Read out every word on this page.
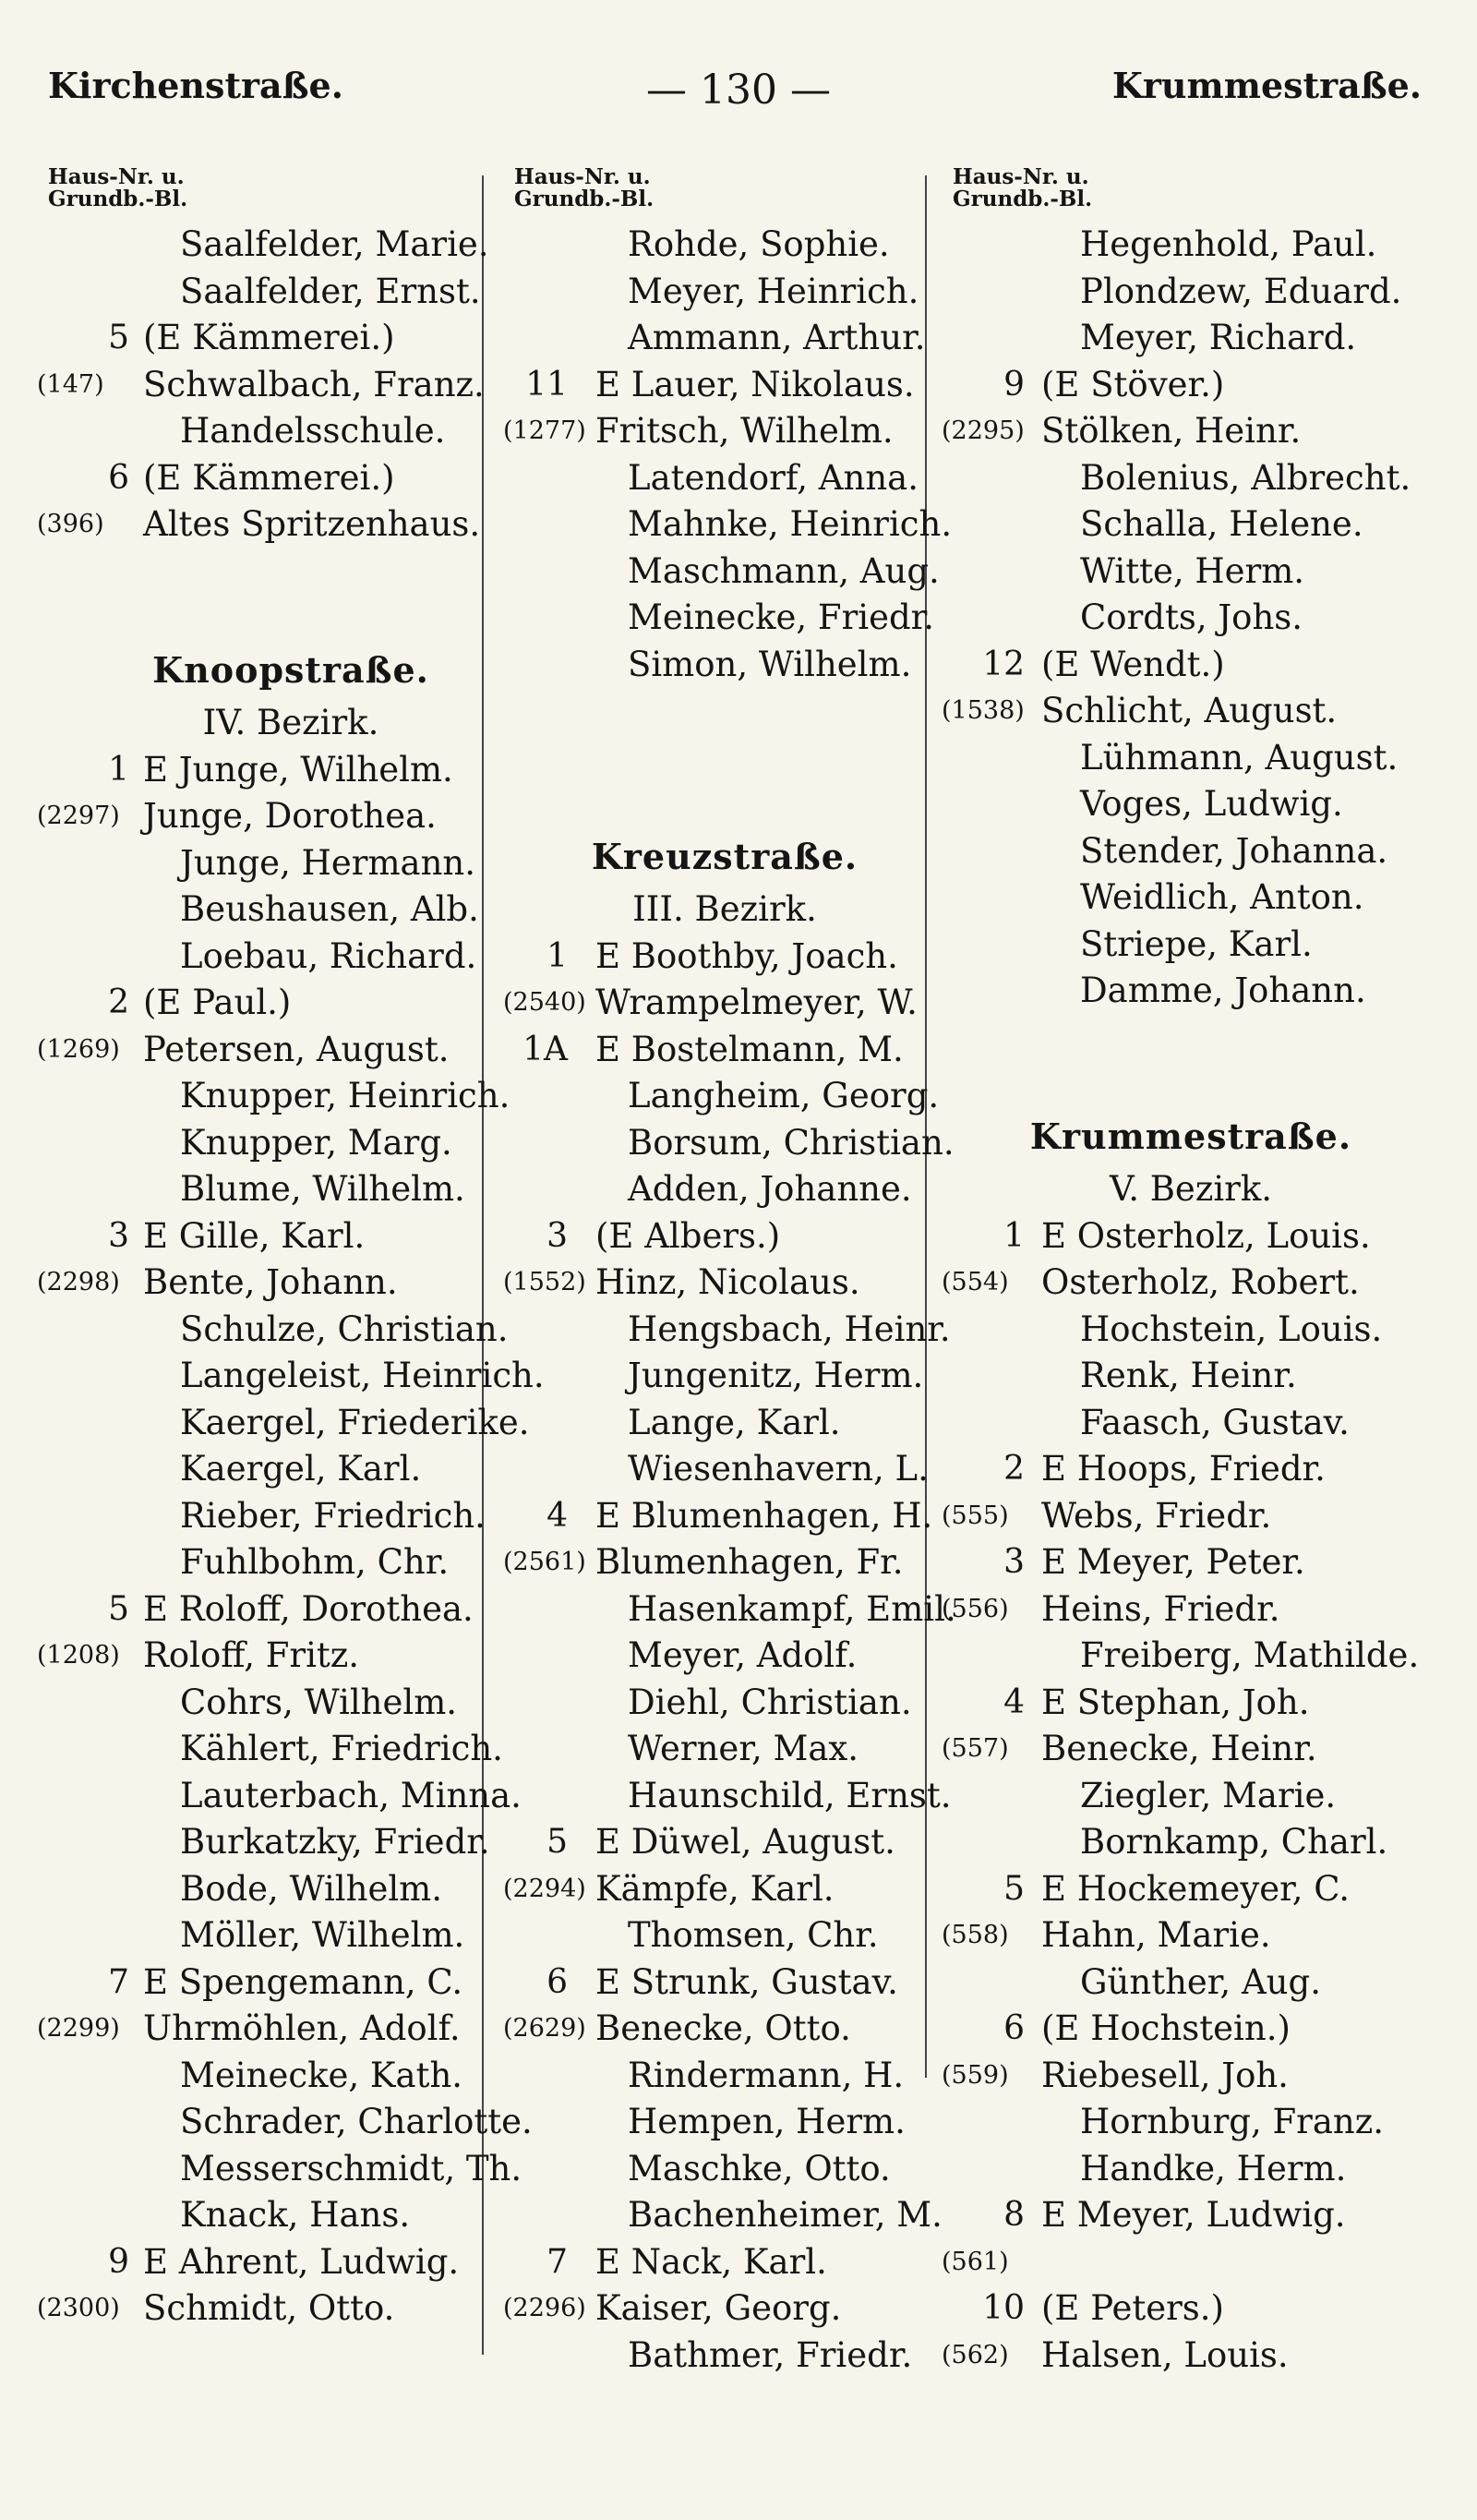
Kirchenstraße.	— 130 —	Krummestraße.
Haus-Nr. u.
Grundb.-Bl.
Saalfelder, Marie.
Saalfelder, Ernst.
5 (E Kämmerei.)
(147)	Schwalbach, Franz.
Handelsschule.
6 (E Kämmerei.)
(396)	Altes Spritzenhaus.
Knoopstraße.
IV. Bezirk.
1 E Junge, Wilhelm.
(2297) Junge, Dorothea.
Junge, Hermann.
Beushausen, Alb.
Loebau, Richard.
2 (E Paul.)
(1269) Petersen, August.
Knupper, Heinrich.
Knupper, Marg.
Blume, Wilhelm.
3 E Gille, Karl.
(2298) Bente, Johann.
Schulze, Christian.
Langeleist, Heinrich.
Kaergel, Friederike.
Kaergel, Karl.
Rieber, Friedrich.
Fuhlbohm, Chr.
5 E Roloff, Dorothea.
(1208) Roloff, Fritz.
Cohrs, Wilhelm.
Kählert, Friedrich.
Lauterbach, Minna.
Burkatzky, Friedr.
Bode, Wilhelm.
Möller, Wilhelm.
7 E Spengemann, C.
(2299) Uhrmöhlen, Adolf.
Meinecke, Kath.
Schrader, Charlotte.
Messerschmidt, Th.
Knack, Hans.
9 E Ahrent, Ludwig.
(2300) Schmidt, Otto.
Haus-Nr. u.
Grundb.-Bl.
Rohde, Sophie.
Meyer, Heinrich.
Ammann, Arthur.
11 E Lauer, Nikolaus.
(1277) Fritsch, Wilhelm.
Latendorf, Anna.
Mahnke, Heinrich.
Maschmann, Aug.
Meinecke, Friedr.
Simon, Wilhelm.
Kreuzstraße.
III. Bezirk.
1 E Boothby, Joach.
(2540) Wrampelmeyer, W.
1A E Bostelmann, M.
Langheim, Georg.
Borsum, Christian.
Adden, Johanne.
3 (E Albers.)
(1552) Hinz, Nicolaus.
Hengsbach, Heinr.
Jungenitz, Herm.
Lange, Karl.
Wiesenhavern, L.
4 E Blumenhagen, H.
(2561) Blumenhagen, Fr.
Hasenkampf, Emil.
Meyer, Adolf.
Diehl, Christian.
Werner, Max.
Haunschild, Ernst.
5 E Düwel, August.
(2294) Kämpfe, Karl.
Thomsen, Chr.
6 E Strunk, Gustav.
(2629) Benecke, Otto.
Rindermann, H.
Hempen, Herm.
Maschke, Otto.
Bachenheimer, M.
7 E Nack, Karl.
(2296) Kaiser, Georg.
Bathmer, Friedr.
Haus-Nr. u.
Grundb.-Bl.
Hegenhold, Paul.
Plondzew, Eduard.
Meyer, Richard.
9 (E Stöver.)
(2295) Stölken, Heinr.
Bolenius, Albrecht.
Schalla, Helene.
Witte, Herm.
Cordts, Johs.
12 (E Wendt.)
(1538) Schlicht, August.
Lühmann, August.
Voges, Ludwig.
Stender, Johanna.
Weidlich, Anton.
Striepe, Karl.
Damme, Johann.
Krummestraße.
V. Bezirk.
1 E Osterholz, Louis.
(554) Osterholz, Robert.
Hochstein, Louis.
Renk, Heinr.
Faasch, Gustav.
2 E Hoops, Friedr.
(555) Webs, Friedr.
3 E Meyer, Peter.
(556) Heins, Friedr.
Freiberg, Mathilde.
4 E Stephan, Joh.
(557) Benecke, Heinr.
Ziegler, Marie.
Bornkamp, Charl.
5 E Hockemeyer, C.
(558) Hahn, Marie.
Günther, Aug.
6 (E Hochstein.)
(559) Riebesell, Joh.
Hornburg, Franz.
Handke, Herm.
8 E Meyer, Ludwig.
(561)
10 (E Peters.)
(562) Halsen, Louis.
